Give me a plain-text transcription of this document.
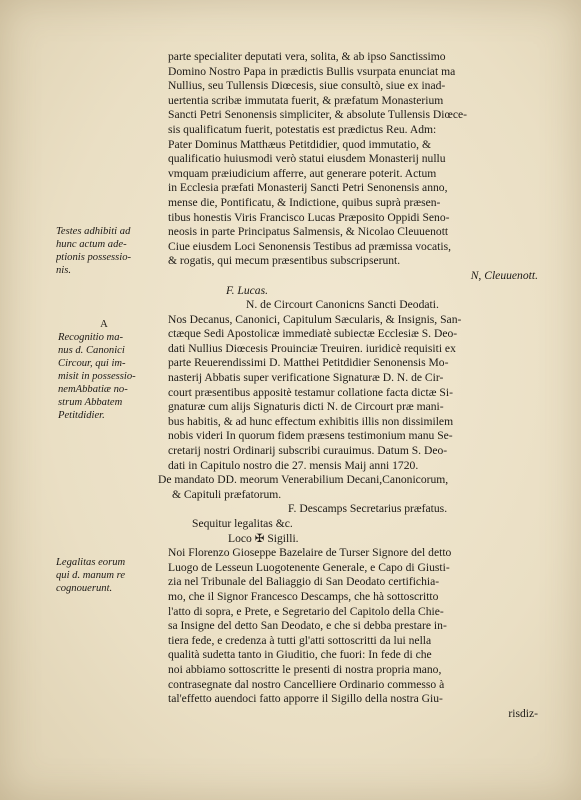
parte specialiter deputati vera, solita, & ab ipso Sanctissimo
Domino Nostro Papa in prædictis Bullis vsurpata enunciat ma
Nullius, seu Tullensis Diœcesis, siue consultò, siue ex inad-
uertentia scribæ immutata fuerit, & præfatum Monasterium
Sancti Petri Senonensis simpliciter, & absolute Tullensis Diœce-
sis qualificatum fuerit, potestatis est prædictus Reu. Adm:
Pater Dominus Matthæus Petitdidier, quod immutatio, &
qualificatio huiusmodi verò statui eiusdem Monasterij nullu
vmquam præiudicium afferre, aut generare poterit. Actum
in Ecclesia præfati Monasterij Sancti Petri Senonensis anno,
mense die, Pontificatu, & Indictione, quibus suprà præsen-
tibus honestis Viris Francisco Lucas Præposito Oppidi Seno-
neosis in parte Principatus Salmensis, & Nicolao Cleuuenott
Ciue eiusdem Loci Senonensis Testibus ad præmissa vocatis,
& rogatis, qui mecum præsentibus subscripserunt.
N, Cleuuenott.
F. Lucas.
N. de Circourt Canonicns Sancti Deodati.
Nos Decanus, Canonici, Capitulum Sæcularis, & Insignis, San-
ctæque Sedi Apostolicæ immediatè subiectæ Ecclesiæ S. Deo-
dati Nullius Diœcesis Prouinciæ Treuiren. iuridicè requisiti ex
parte Reuerendissimi D. Matthei Petitdidier Senonensis Mo-
nasterij Abbatis super verificatione Signaturæ D. N. de Cir-
court præsentibus appositè testamur collatione facta dictæ Si-
gnaturæ cum alijs Signaturis dicti N. de Circourt præ mani-
bus habitis, & ad hunc effectum exhibitis illis non dissimilem
nobis videri In quorum fidem præsens testimonium manu Se-
cretarij nostri Ordinarij subscribi curauimus. Datum S. Deo-
dati in Capitulo nostro die 27. mensis Maij anni 1720.
De mandato DD. meorum Venerabilium Decani,Canonicorum,
& Capituli præfatorum.
F. Descamps Secretarius præfatus.
Sequitur legalitas &c.
Loco ✠ Sigilli.
Noi Florenzo Gioseppe Bazelaire de Turser Signore del detto
Luogo de Lesseun Luogotenente Generale, e Capo di Giusti-
zia nel Tribunale del Baliaggio di San Deodato certifichia-
mo, che il Signor Francesco Descamps, che hà sottoscritto
l'atto di sopra, e Prete, e Segretario del Capitolo della Chie-
sa Insigne del detto San Deodato, e che si debba prestare in-
tiera fede, e credenza à tutti gl'atti sottoscritti da lui nella
qualità sudetta tanto in Giuditio, che fuori: In fede di che
noi abbiamo sottoscritte le presenti di nostra propria mano,
contrasegnate dal nostro Cancelliere Ordinario commesso à
tal'effetto auendoci fatto apporre il Sigillo della nostra Giu-
risdiz-
Testes adhibiti ad
hunc actum ade-
ptionis possessio-
nis.
A
Recognitio ma-
nus d. Canonici
Circour, qui im-
misit in possessio-
nemAbbatiæ no-
strum Abbatem
Petitdidier.
Legalitas eorum
qui d. manum re
cognouerunt.
